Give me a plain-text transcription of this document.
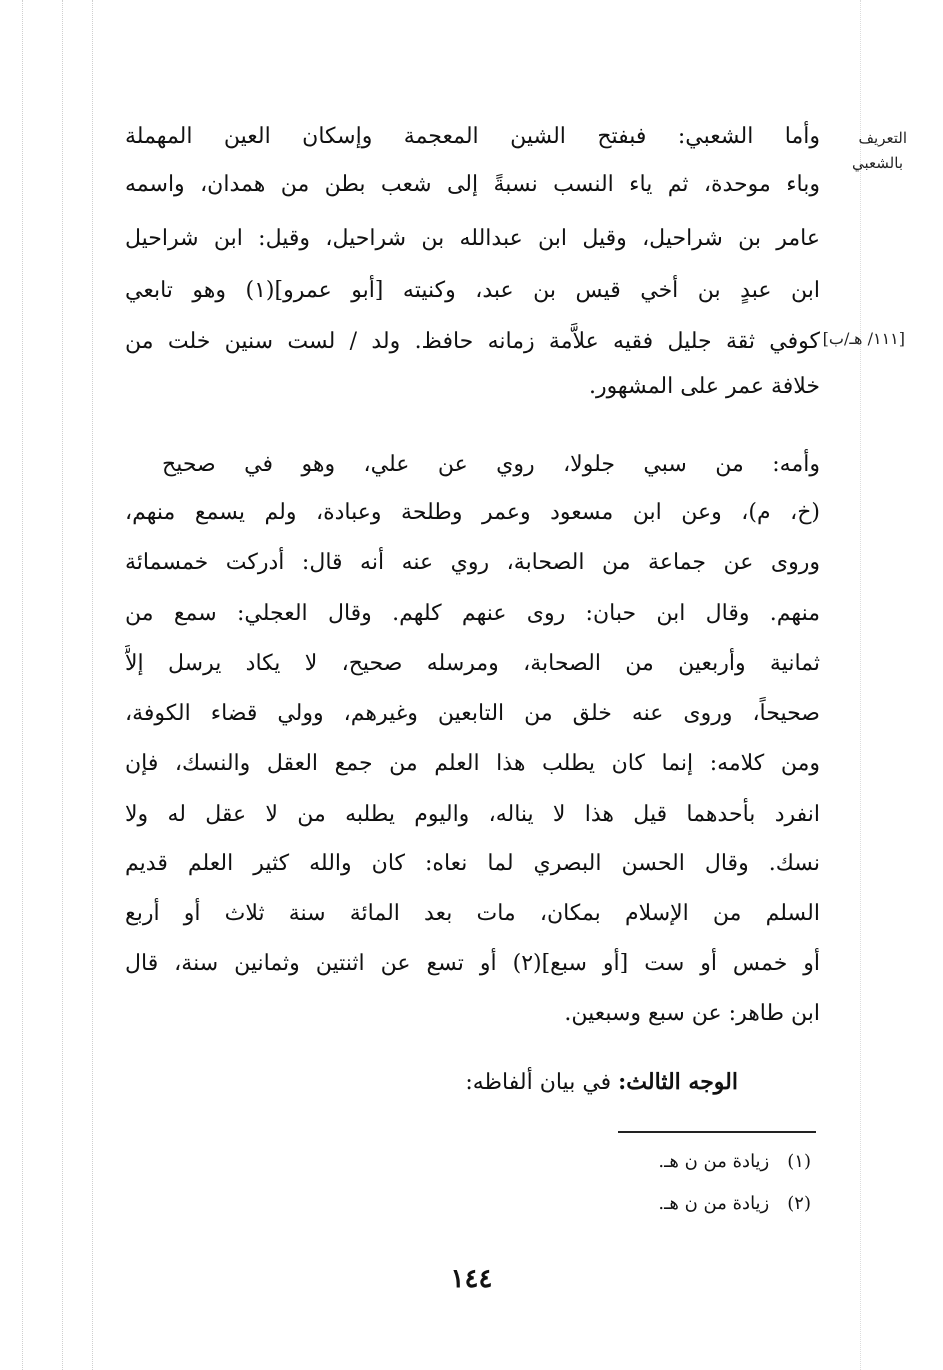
التعريف
بالشعبي
[١١١/ هـ/ب]
وأما الشعبي: فبفتح الشين المعجمة وإسكان العين المهملة
وباء موحدة، ثم ياء النسب نسبةً إلى شعب بطن من همدان، واسمه
عامر بن شراحيل، وقيل ابن عبدالله بن شراحيل، وقيل: ابن شراحيل
ابن عبدٍ بن أخي قيس بن عبد، وكنيته [أبو عمرو](١) وهو تابعي
كوفي ثقة جليل فقيه علاَّمة زمانه حافظ. ولد / لست سنين خلت من
خلافة عمر على المشهور.
وأمه: من سبي جلولا، روي عن علي، وهو في صحيح
(خ، م)، وعن ابن مسعود وعمر وطلحة وعبادة، ولم يسمع منهم،
وروى عن جماعة من الصحابة، روي عنه أنه قال: أدركت خمسمائة
منهم. وقال ابن حبان: روى عنهم كلهم. وقال العجلي: سمع من
ثمانية وأربعين من الصحابة، ومرسله صحيح، لا يكاد يرسل إلاَّ
صحيحاً، وروى عنه خلق من التابعين وغيرهم، وولي قضاء الكوفة،
ومن كلامه: إنما كان يطلب هذا العلم من جمع العقل والنسك، فإن
انفرد بأحدهما قيل هذا لا يناله، واليوم يطلبه من لا عقل له ولا
نسك. وقال الحسن البصري لما نعاه: كان والله كثير العلم قديم
السلم من الإسلام بمكان، مات بعد المائة سنة ثلاث أو أربع
أو خمس أو ست [أو سبع](٢) أو تسع عن اثنتين وثمانين سنة، قال
ابن طاهر: عن سبع وسبعين.
الوجه الثالث: في بيان ألفاظه:
(١)زيادة من ن هـ.
(٢)زيادة من ن هـ.
١٤٤
